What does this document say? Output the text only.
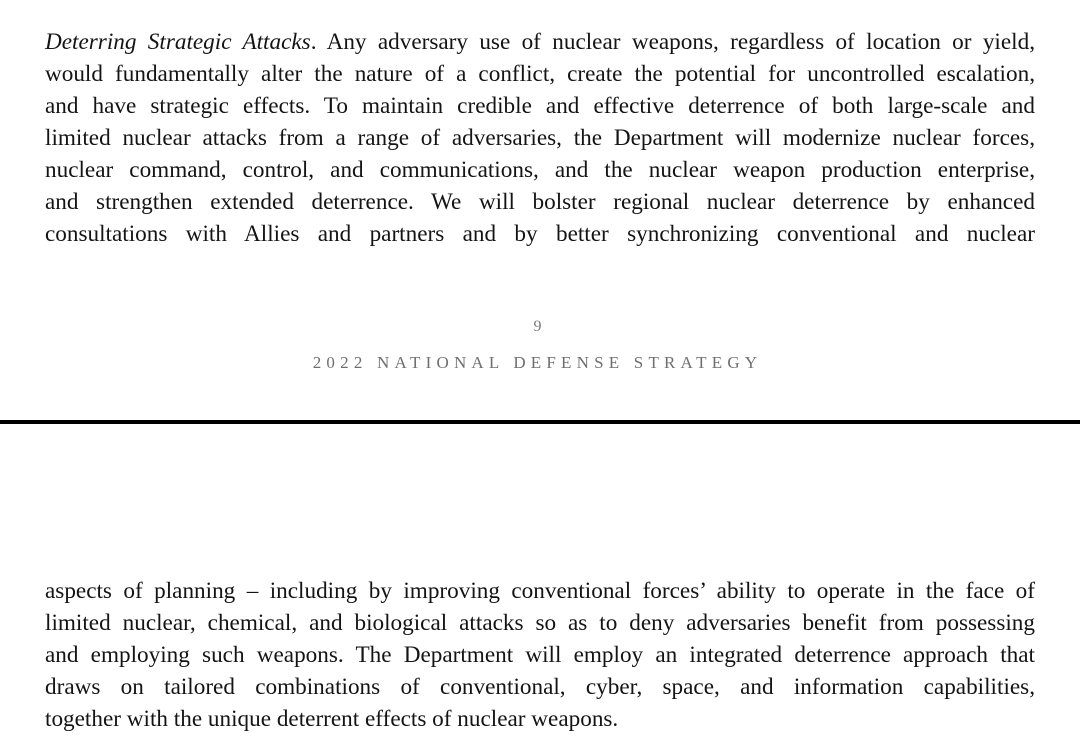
Deterring Strategic Attacks. Any adversary use of nuclear weapons, regardless of location or yield,
would fundamentally alter the nature of a conflict, create the potential for uncontrolled escalation,
and have strategic effects. To maintain credible and effective deterrence of both large-scale and
limited nuclear attacks from a range of adversaries, the Department will modernize nuclear forces,
nuclear command, control, and communications, and the nuclear weapon production enterprise,
and strengthen extended deterrence. We will bolster regional nuclear deterrence by enhanced
consultations with Allies and partners and by better synchronizing conventional and nuclear

9
2022 NATIONAL DEFENSE STRATEGY

aspects of planning – including by improving conventional forces’ ability to operate in the face of
limited nuclear, chemical, and biological attacks so as to deny adversaries benefit from possessing
and employing such weapons. The Department will employ an integrated deterrence approach that
draws on tailored combinations of conventional, cyber, space, and information capabilities,
together with the unique deterrent effects of nuclear weapons.
